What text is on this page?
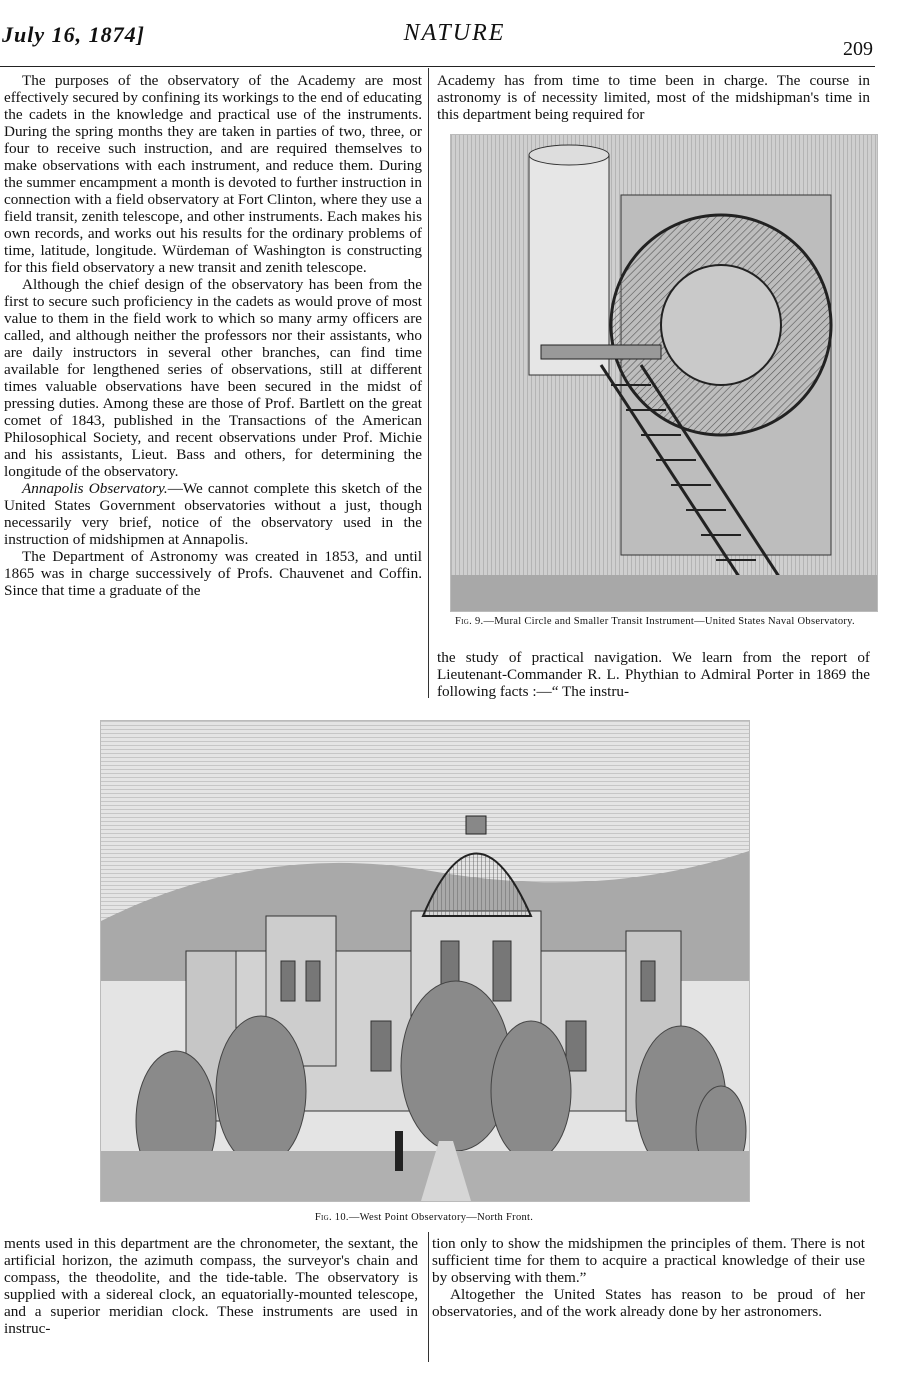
July 16, 1874]	NATURE
209

The purposes of the observatory of the Academy are most effectively secured by confining its workings to the end of educating the cadets in the knowledge and practical use of the instruments. During the spring months they are taken in parties of two, three, or four to receive such instruction, and are required themselves to make observations with each instrument, and reduce them. During the summer encampment a month is devoted to further instruction in connection with a field observatory at Fort Clinton, where they use a field transit, zenith telescope, and other instruments. Each makes his own records, and works out his results for the ordinary problems of time, latitude, longitude. Würdeman of Washington is constructing for this field observatory a new transit and zenith telescope.

Although the chief design of the observatory has been from the first to secure such proficiency in the cadets as would prove of most value to them in the field work to which so many army officers are called, and although neither the professors nor their assistants, who are daily instructors in several other branches, can find time available for lengthened series of observations, still at different times valuable observations have been secured in the midst of pressing duties. Among these are those of Prof. Bartlett on the great comet of 1843, published in the Transactions of the American Philosophical Society, and recent observations under Prof. Michie and his assistants, Lieut. Bass and others, for determining the longitude of the observatory.

Annapolis Observatory.—We cannot complete this sketch of the United States Government observatories without a just, though necessarily very brief, notice of the observatory used in the instruction of midshipmen at Annapolis.

The Department of Astronomy was created in 1853, and until 1865 was in charge successively of Profs. Chauvenet and Coffin. Since that time a graduate of the

Academy has from time to time been in charge. The course in astronomy is of necessity limited, most of the midshipman's time in this department being required for

Fig. 9.—Mural Circle and Smaller Transit Instrument—United States Naval Observatory.

the study of practical navigation. We learn from the report of Lieutenant-Commander R. L. Phythian to Admiral Porter in 1869 the following facts :—“ The instru-

Fig. 10.—West Point Observatory—North Front.

ments used in this department are the chronometer, the sextant, the artificial horizon, the azimuth compass, the surveyor's chain and compass, the theodolite, and the tide-table. The observatory is supplied with a sidereal clock, an equatorially-mounted telescope, and a superior meridian clock. These instruments are used in instruc-

tion only to show the midshipmen the principles of them. There is not sufficient time for them to acquire a practical knowledge of their use by observing with them.”

Altogether the United States has reason to be proud of her observatories, and of the work already done by her astronomers.
